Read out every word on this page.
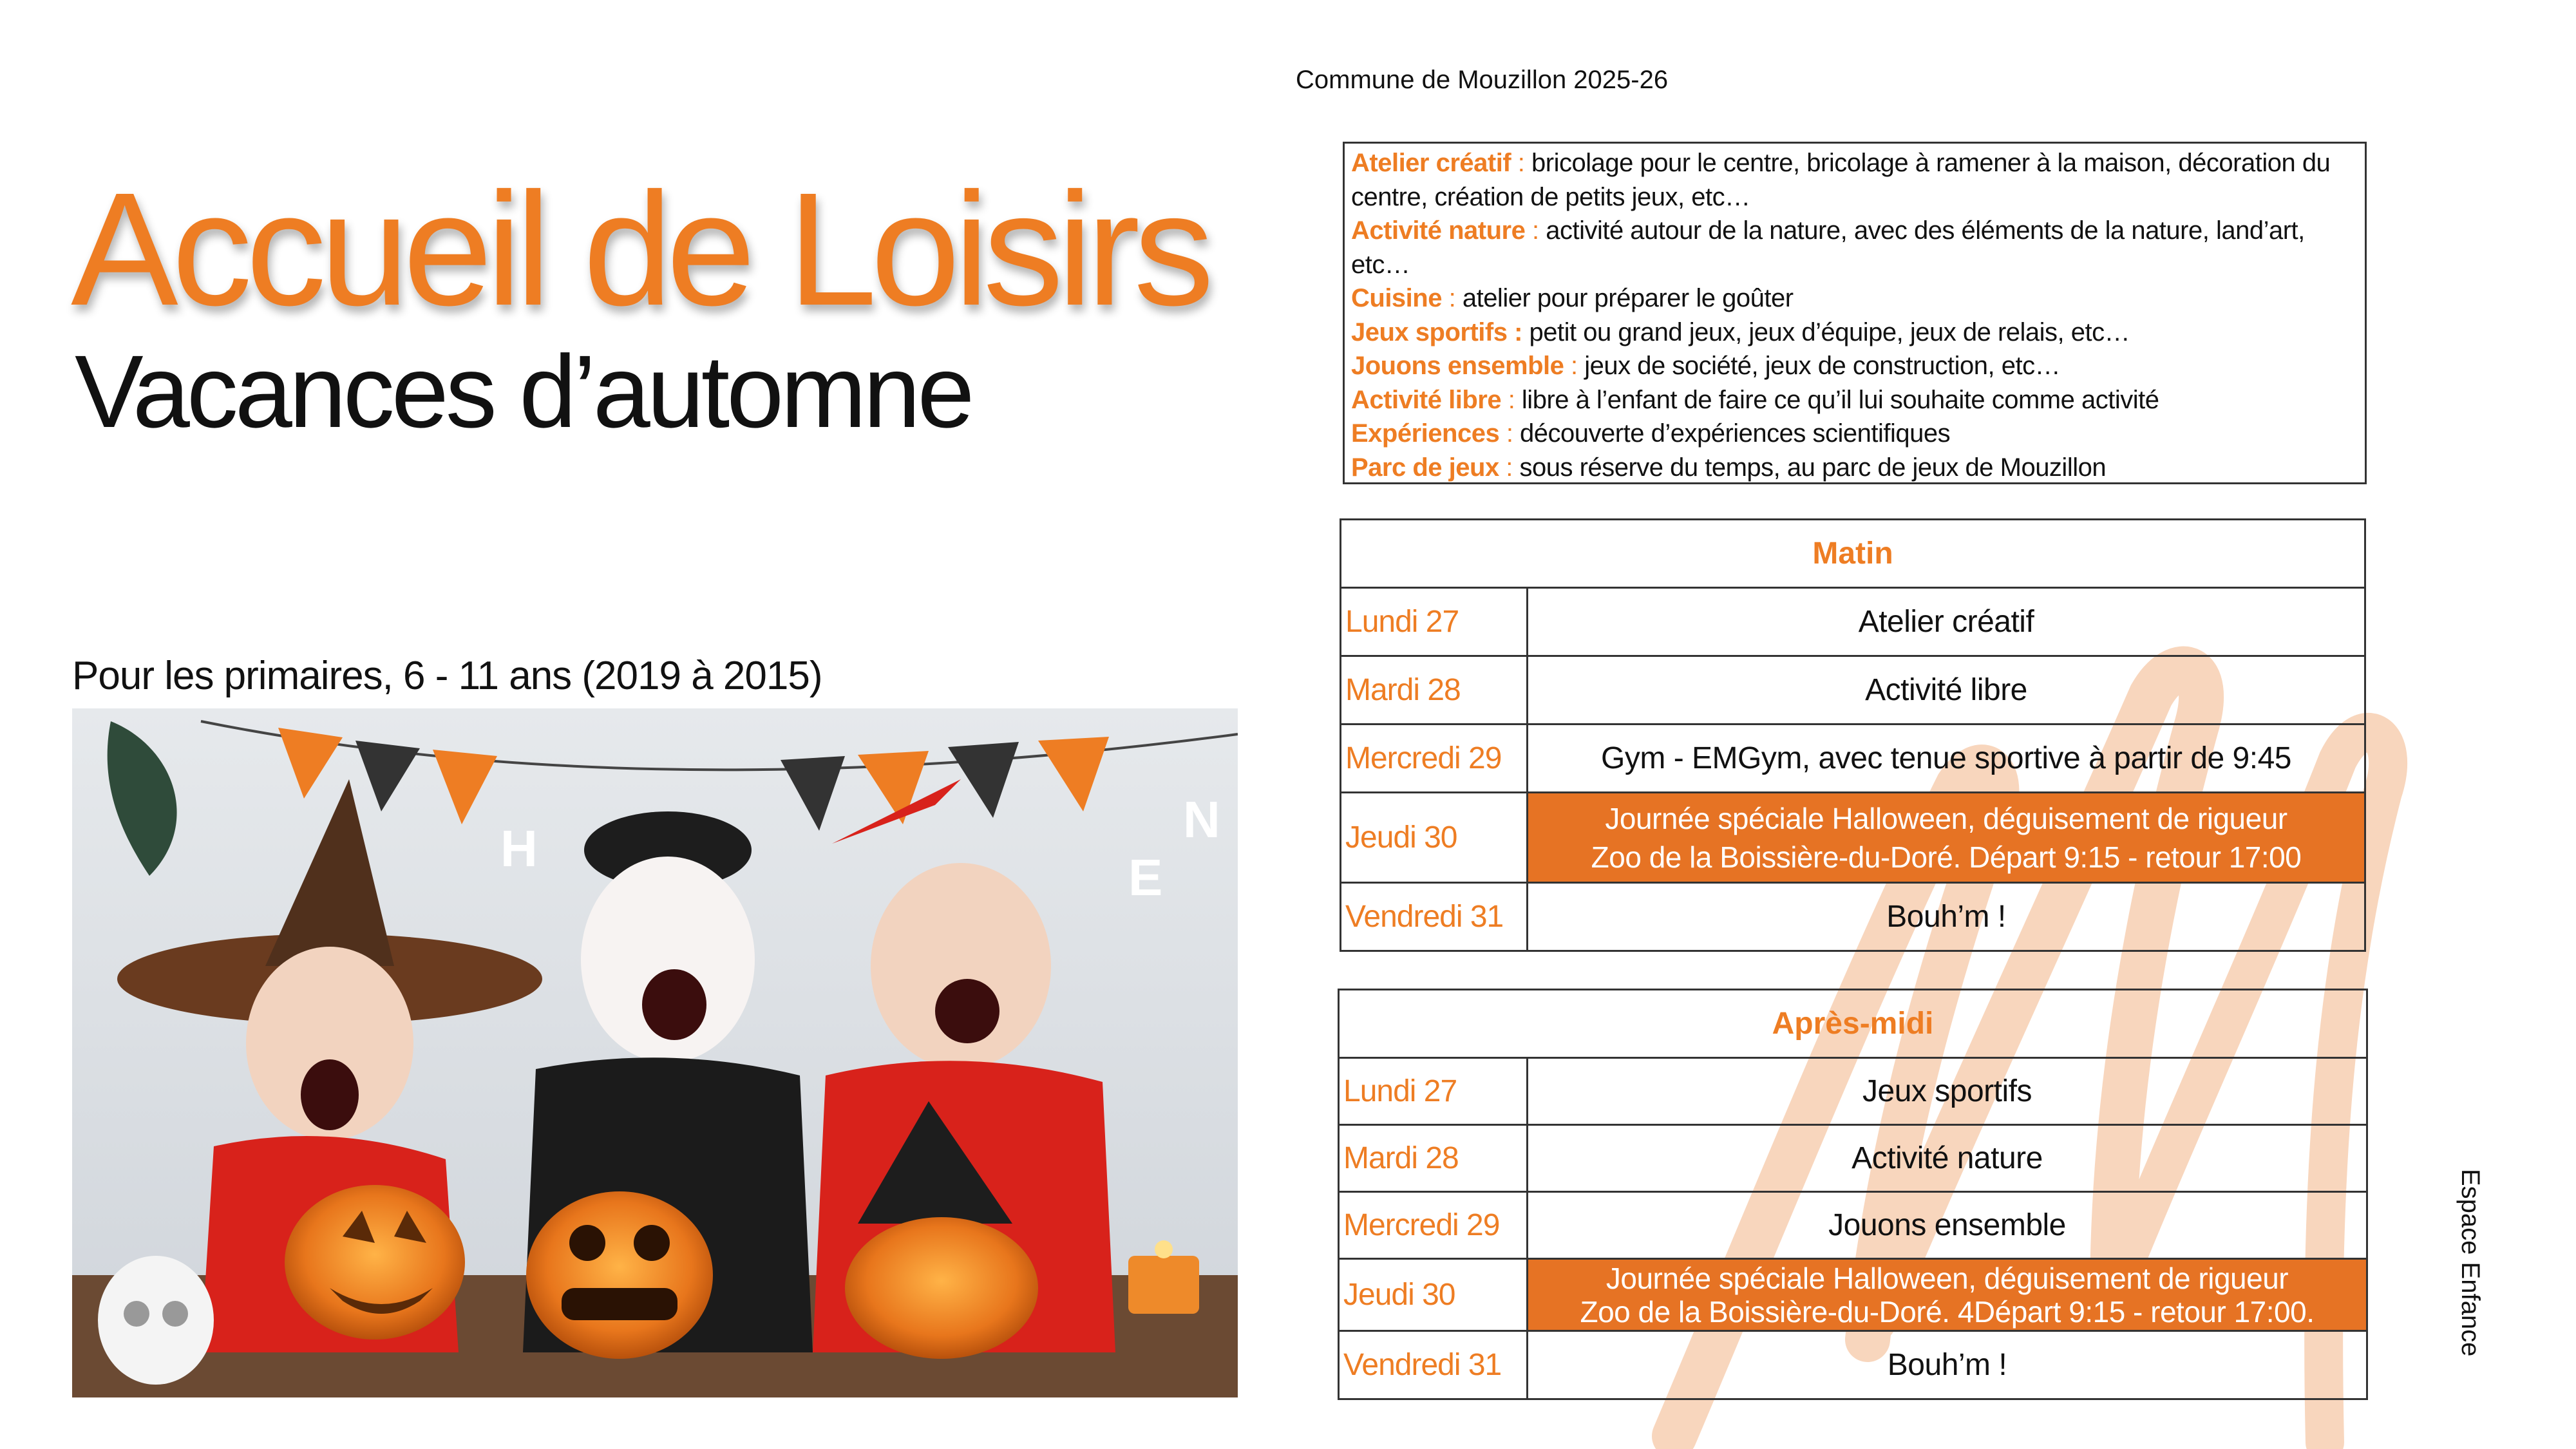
Commune de Mouzillon 2025-26
Accueil de Loisirs
Vacances d’automne
Pour les primaires, 6 - 11 ans (2019 à 2015)
H
E
N
Atelier créatif : bricolage pour le centre, bricolage à ramener à la maison, décoration du centre, création de petits jeux, etc…
Activité nature : activité autour de la nature, avec des éléments de la nature, land’art, etc…
Cuisine : atelier pour préparer le goûter
Jeux sportifs : petit ou grand jeux, jeux d’équipe, jeux de relais, etc…
Jouons ensemble : jeux de société, jeux de construction, etc…
Activité libre : libre à l’enfant de faire ce qu’il lui souhaite comme activité
Expériences : découverte d’expériences scientifiques
Parc de jeux : sous réserve du temps, au parc de jeux de Mouzillon
Matin	
Lundi 27	Atelier créatif
Mardi 28	Activité libre
Mercredi 29	Gym - EMGym, avec tenue sportive à partir de 9:45
Jeudi 30	Journée spéciale Halloween, déguisement de rigueur
Zoo de la Boissière-du-Doré. Départ 9:15 - retour 17:00

Vendredi 31	Bouh’m !
Après-midi	
Lundi 27	Jeux sportifs
Mardi 28	Activité nature
Mercredi 29	Jouons ensemble
Jeudi 30	Journée spéciale Halloween, déguisement de rigueur
Zoo de la Boissière-du-Doré. 4Départ 9:15 - retour 17:00.

Vendredi 31	Bouh’m !
Espace Enfance
